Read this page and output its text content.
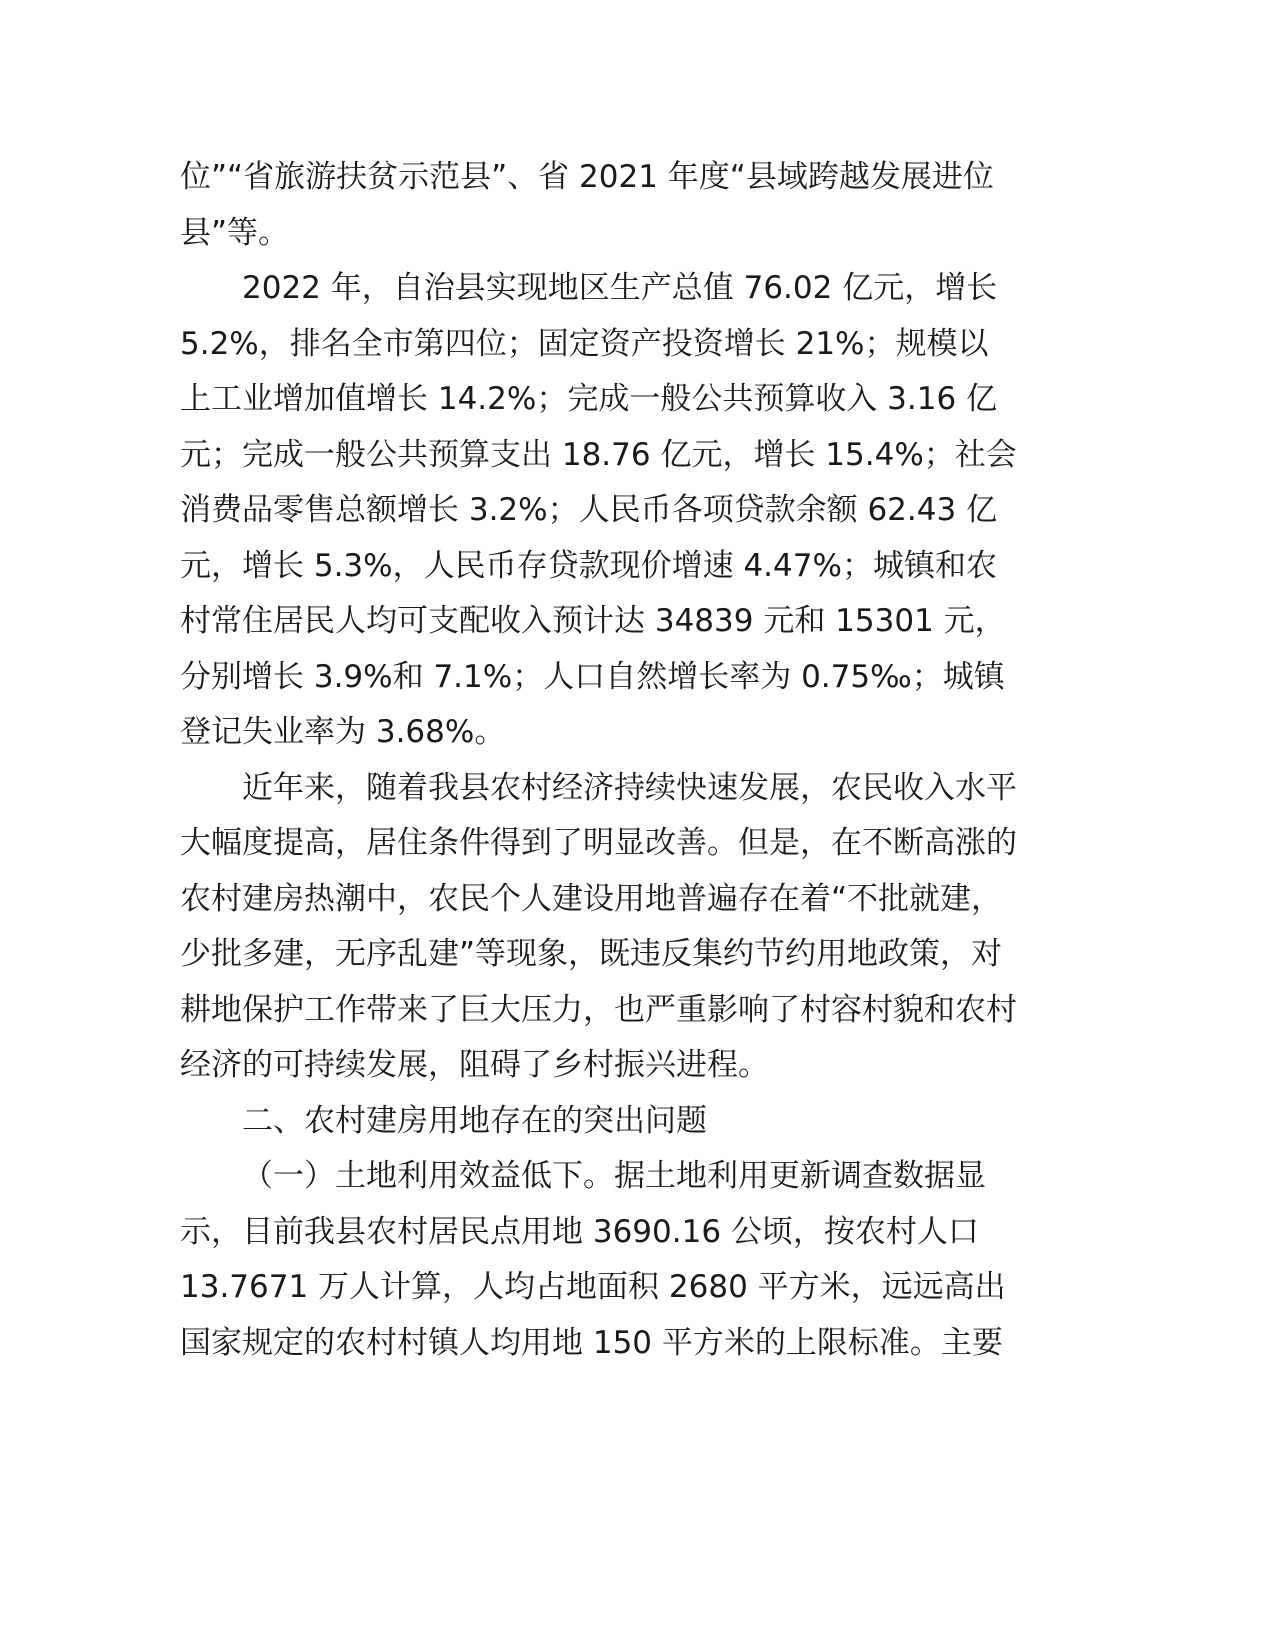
位”“省旅游扶贫示范县”、省 2021 年度“县域跨越发展进位
县”等。
2022 年，自治县实现地区生产总值 76.02 亿元，增长
5.2%，排名全市第四位；固定资产投资增长 21%；规模以
上工业增加值增长 14.2%；完成一般公共预算收入 3.16 亿
元；完成一般公共预算支出 18.76 亿元，增长 15.4%；社会
消费品零售总额增长 3.2%；人民币各项贷款余额 62.43 亿
元，增长 5.3%，人民币存贷款现价增速 4.47%；城镇和农
村常住居民人均可支配收入预计达 34839 元和 15301 元，
分别增长 3.9%和 7.1%；人口自然增长率为 0.75‰；城镇
登记失业率为 3.68%。
近年来，随着我县农村经济持续快速发展，农民收入水平
大幅度提高，居住条件得到了明显改善。但是，在不断高涨的
农村建房热潮中，农民个人建设用地普遍存在着“不批就建，
少批多建，无序乱建”等现象，既违反集约节约用地政策，对
耕地保护工作带来了巨大压力，也严重影响了村容村貌和农村
经济的可持续发展，阻碍了乡村振兴进程。
二、农村建房用地存在的突出问题
（一）土地利用效益低下。据土地利用更新调查数据显
示，目前我县农村居民点用地 3690.16 公顷，按农村人口
13.7671 万人计算，人均占地面积 2680 平方米，远远高出
国家规定的农村村镇人均用地 150 平方米的上限标准。主要
